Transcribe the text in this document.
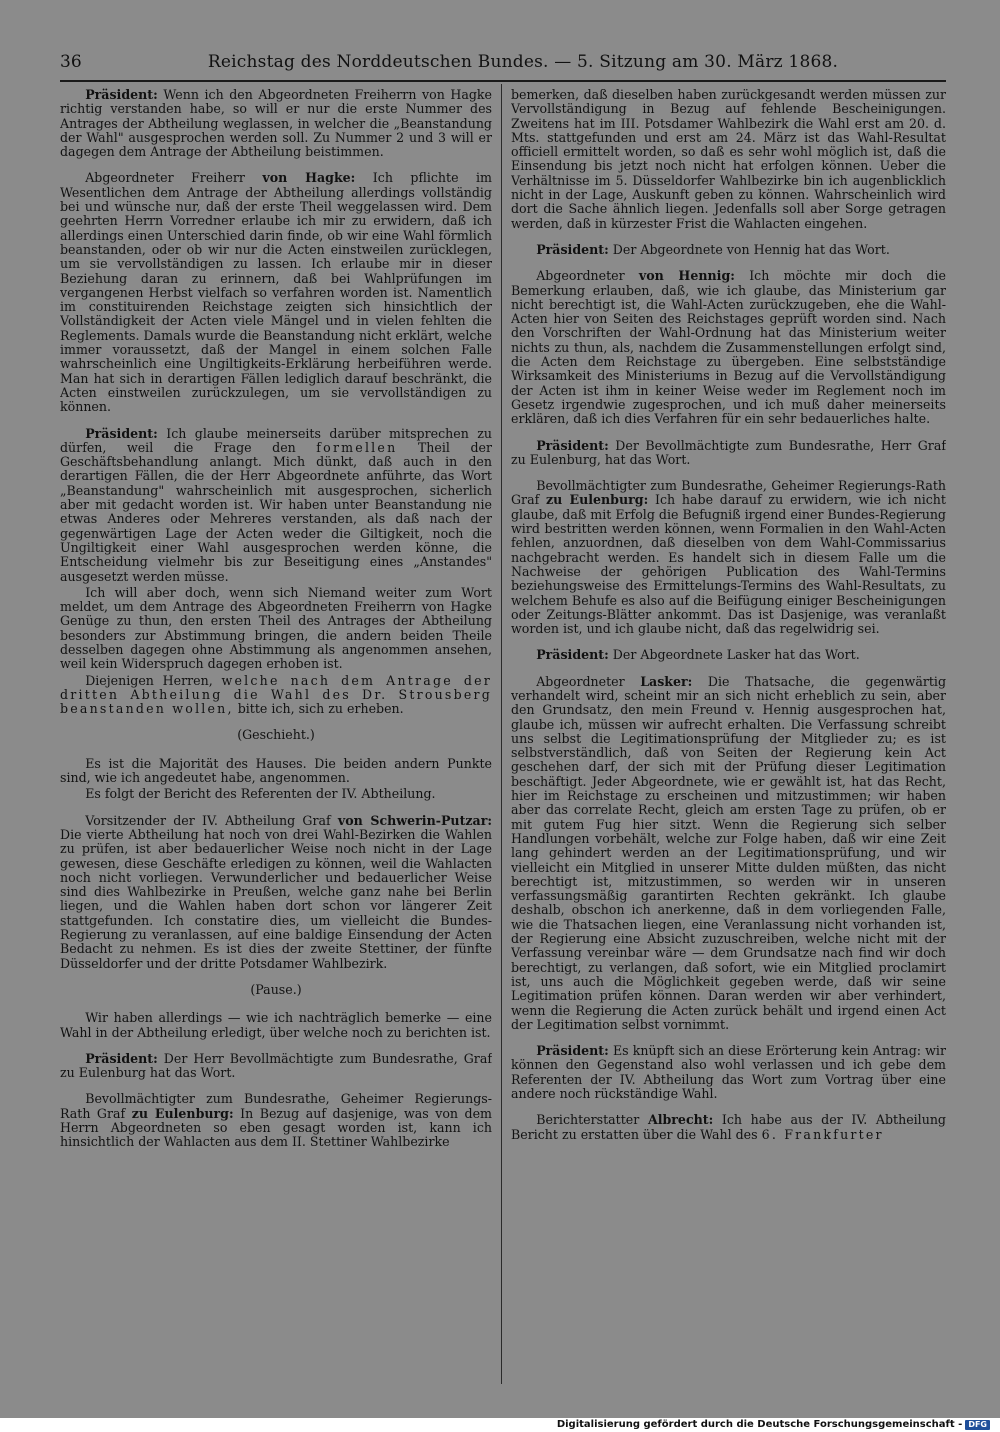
36	Reichstag des Norddeutschen Bundes. — 5. Sitzung am 30. März 1868.

Präsident: Wenn ich den Abgeordneten Freiherrn von Hagke richtig verstanden habe, so will er nur die erste Nummer des Antrages der Abtheilung weglassen, in welcher die „Beanstandung der Wahl" ausgesprochen werden soll. Zu Nummer 2 und 3 will er dagegen dem Antrage der Abtheilung beistimmen.

Abgeordneter Freiherr von Hagke: Ich pflichte im Wesentlichen dem Antrage der Abtheilung allerdings vollständig bei und wünsche nur, daß der erste Theil weggelassen wird. Dem geehrten Herrn Vorredner erlaube ich mir zu erwidern, daß ich allerdings einen Unterschied darin finde, ob wir eine Wahl förmlich beanstanden, oder ob wir nur die Acten einstweilen zurücklegen, um sie vervollständigen zu lassen. Ich erlaube mir in dieser Beziehung daran zu erinnern, daß bei Wahlprüfungen im vergangenen Herbst vielfach so verfahren worden ist. Namentlich im constituirenden Reichstage zeigten sich hinsichtlich der Vollständigkeit der Acten viele Mängel und in vielen fehlten die Reglements. Damals wurde die Beanstandung nicht erklärt, welche immer voraussetzt, daß der Mangel in einem solchen Falle wahrscheinlich eine Ungiltigkeits-Erklärung herbeiführen werde. Man hat sich in derartigen Fällen lediglich darauf beschränkt, die Acten einstweilen zurückzulegen, um sie vervollständigen zu können.

Präsident: Ich glaube meinerseits darüber mitsprechen zu dürfen, weil die Frage den formellen Theil der Geschäftsbehandlung anlangt. Mich dünkt, daß auch in den derartigen Fällen, die der Herr Abgeordnete anführte, das Wort „Beanstandung" wahrscheinlich mit ausgesprochen, sicherlich aber mit gedacht worden ist. Wir haben unter Beanstandung nie etwas Anderes oder Mehreres verstanden, als daß nach der gegenwärtigen Lage der Acten weder die Giltigkeit, noch die Ungiltigkeit einer Wahl ausgesprochen werden könne, die Entscheidung vielmehr bis zur Beseitigung eines „Anstandes" ausgesetzt werden müsse.

Ich will aber doch, wenn sich Niemand weiter zum Wort meldet, um dem Antrage des Abgeordneten Freiherrn von Hagke Genüge zu thun, den ersten Theil des Antrages der Abtheilung besonders zur Abstimmung bringen, die andern beiden Theile desselben dagegen ohne Abstimmung als angenommen ansehen, weil kein Widerspruch dagegen erhoben ist.

Diejenigen Herren, welche nach dem Antrage der dritten Abtheilung die Wahl des Dr. Strousberg beanstanden wollen, bitte ich, sich zu erheben.

(Geschieht.)

Es ist die Majorität des Hauses. Die beiden andern Punkte sind, wie ich angedeutet habe, angenommen.

Es folgt der Bericht des Referenten der IV. Abtheilung.

Vorsitzender der IV. Abtheilung Graf von Schwerin-Putzar: Die vierte Abtheilung hat noch von drei Wahl-Bezirken die Wahlen zu prüfen, ist aber bedauerlicher Weise noch nicht in der Lage gewesen, diese Geschäfte erledigen zu können, weil die Wahlacten noch nicht vorliegen. Verwunderlicher und bedauerlicher Weise sind dies Wahlbezirke in Preußen, welche ganz nahe bei Berlin liegen, und die Wahlen haben dort schon vor längerer Zeit stattgefunden. Ich constatire dies, um vielleicht die Bundes-Regierung zu veranlassen, auf eine baldige Einsendung der Acten Bedacht zu nehmen. Es ist dies der zweite Stettiner, der fünfte Düsseldorfer und der dritte Potsdamer Wahlbezirk.

(Pause.)

Wir haben allerdings — wie ich nachträglich bemerke — eine Wahl in der Abtheilung erledigt, über welche noch zu berichten ist.

Präsident: Der Herr Bevollmächtigte zum Bundesrathe, Graf zu Eulenburg hat das Wort.

Bevollmächtigter zum Bundesrathe, Geheimer Regierungs-Rath Graf zu Eulenburg: In Bezug auf dasjenige, was von dem Herrn Abgeordneten so eben gesagt worden ist, kann ich hinsichtlich der Wahlacten aus dem II. Stettiner Wahlbezirke

bemerken, daß dieselben haben zurückgesandt werden müssen zur Vervollständigung in Bezug auf fehlende Bescheinigungen. Zweitens hat im III. Potsdamer Wahlbezirk die Wahl erst am 20. d. Mts. stattgefunden und erst am 24. März ist das Wahl-Resultat officiell ermittelt worden, so daß es sehr wohl möglich ist, daß die Einsendung bis jetzt noch nicht hat erfolgen können. Ueber die Verhältnisse im 5. Düsseldorfer Wahlbezirke bin ich augenblicklich nicht in der Lage, Auskunft geben zu können. Wahrscheinlich wird dort die Sache ähnlich liegen. Jedenfalls soll aber Sorge getragen werden, daß in kürzester Frist die Wahlacten eingehen.

Präsident: Der Abgeordnete von Hennig hat das Wort.

Abgeordneter von Hennig: Ich möchte mir doch die Bemerkung erlauben, daß, wie ich glaube, das Ministerium gar nicht berechtigt ist, die Wahl-Acten zurückzugeben, ehe die Wahl-Acten hier von Seiten des Reichstages geprüft worden sind. Nach den Vorschriften der Wahl-Ordnung hat das Ministerium weiter nichts zu thun, als, nachdem die Zusammenstellungen erfolgt sind, die Acten dem Reichstage zu übergeben. Eine selbstständige Wirksamkeit des Ministeriums in Bezug auf die Vervollständigung der Acten ist ihm in keiner Weise weder im Reglement noch im Gesetz irgendwie zugesprochen, und ich muß daher meinerseits erklären, daß ich dies Verfahren für ein sehr bedauerliches halte.

Präsident: Der Bevollmächtigte zum Bundesrathe, Herr Graf zu Eulenburg, hat das Wort.

Bevollmächtigter zum Bundesrathe, Geheimer Regierungs-Rath Graf zu Eulenburg: Ich habe darauf zu erwidern, wie ich nicht glaube, daß mit Erfolg die Befugniß irgend einer Bundes-Regierung wird bestritten werden können, wenn Formalien in den Wahl-Acten fehlen, anzuordnen, daß dieselben von dem Wahl-Commissarius nachgebracht werden. Es handelt sich in diesem Falle um die Nachweise der gehörigen Publication des Wahl-Termins beziehungsweise des Ermittelungs-Termins des Wahl-Resultats, zu welchem Behufe es also auf die Beifügung einiger Bescheinigungen oder Zeitungs-Blätter ankommt. Das ist Dasjenige, was veranlaßt worden ist, und ich glaube nicht, daß das regelwidrig sei.

Präsident: Der Abgeordnete Lasker hat das Wort.

Abgeordneter Lasker: Die Thatsache, die gegenwärtig verhandelt wird, scheint mir an sich nicht erheblich zu sein, aber den Grundsatz, den mein Freund v. Hennig ausgesprochen hat, glaube ich, müssen wir aufrecht erhalten. Die Verfassung schreibt uns selbst die Legitimationsprüfung der Mitglieder zu; es ist selbstverständlich, daß von Seiten der Regierung kein Act geschehen darf, der sich mit der Prüfung dieser Legitimation beschäftigt. Jeder Abgeordnete, wie er gewählt ist, hat das Recht, hier im Reichstage zu erscheinen und mitzustimmen; wir haben aber das correlate Recht, gleich am ersten Tage zu prüfen, ob er mit gutem Fug hier sitzt. Wenn die Regierung sich selber Handlungen vorbehält, welche zur Folge haben, daß wir eine Zeit lang gehindert werden an der Legitimationsprüfung, und wir vielleicht ein Mitglied in unserer Mitte dulden müßten, das nicht berechtigt ist, mitzustimmen, so werden wir in unseren verfassungsmäßig garantirten Rechten gekränkt. Ich glaube deshalb, obschon ich anerkenne, daß in dem vorliegenden Falle, wie die Thatsachen liegen, eine Veranlassung nicht vorhanden ist, der Regierung eine Absicht zuzuschreiben, welche nicht mit der Verfassung vereinbar wäre — dem Grundsatze nach find wir doch berechtigt, zu verlangen, daß sofort, wie ein Mitglied proclamirt ist, uns auch die Möglichkeit gegeben werde, daß wir seine Legitimation prüfen können. Daran werden wir aber verhindert, wenn die Regierung die Acten zurück behält und irgend einen Act der Legitimation selbst vornimmt.

Präsident: Es knüpft sich an diese Erörterung kein Antrag: wir können den Gegenstand also wohl verlassen und ich gebe dem Referenten der IV. Abtheilung das Wort zum Vortrag über eine andere noch rückständige Wahl.

Berichterstatter Albrecht: Ich habe aus der IV. Abtheilung Bericht zu erstatten über die Wahl des 6. Frankfurter

Digitalisierung gefördert durch die Deutsche Forschungsgemeinschaft - DFG
